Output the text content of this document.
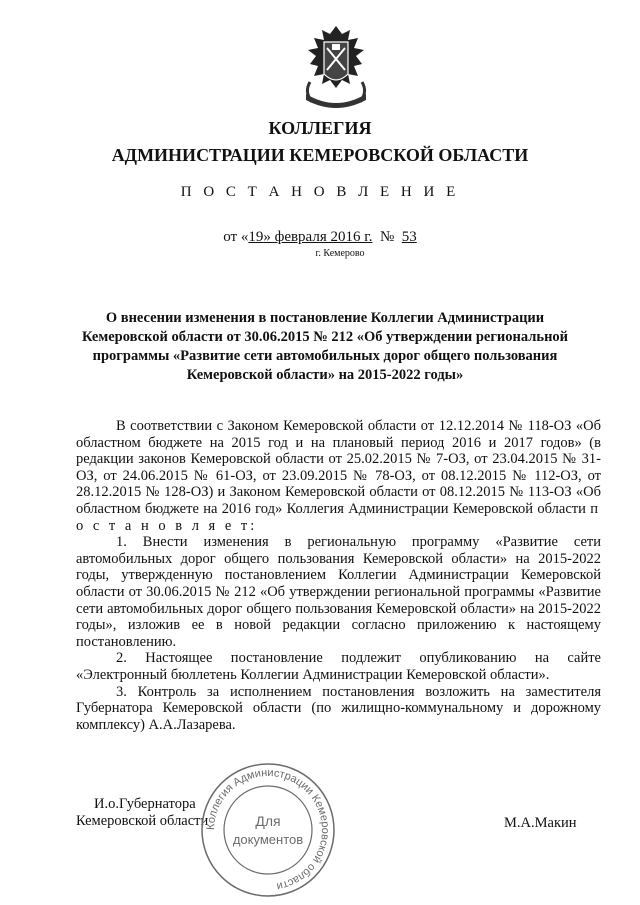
КОЛЛЕГИЯ
АДМИНИСТРАЦИИ КЕМЕРОВСКОЙ ОБЛАСТИ
П О С Т А Н О В Л Е Н И Е
от «19» февраля 2016 г. № 53
г. Кемерово
О внесении изменения в постановление Коллегии Администрации Кемеровской области от 30.06.2015 № 212 «Об утверждении региональной программы «Развитие сети автомобильных дорог общего пользования Кемеровской области» на 2015-2022 годы»

В соответствии с Законом Кемеровской области от 12.12.2014 № 118-ОЗ «Об областном бюджете на 2015 год и на плановый период 2016 и 2017 годов» (в редакции законов Кемеровской области от 25.02.2015 № 7-ОЗ, от 23.04.2015 № 31-ОЗ, от 24.06.2015 № 61-ОЗ, от 23.09.2015 № 78-ОЗ, от 08.12.2015 № 112-ОЗ, от 28.12.2015 № 128-ОЗ) и Законом Кемеровской области от 08.12.2015 № 113-ОЗ «Об областном бюджете на 2016 год» Коллегия Администрации Кемеровской области п о с т а н о в л я е т:

1. Внести изменения в региональную программу «Развитие сети автомобильных дорог общего пользования Кемеровской области» на 2015-2022 годы, утвержденную постановлением Коллегии Администрации Кемеровской области от 30.06.2015 № 212 «Об утверждении региональной программы «Развитие сети автомобильных дорог общего пользования Кемеровской области» на 2015-2022 годы», изложив ее в новой редакции согласно приложению к настоящему постановлению.

2. Настоящее постановление подлежит опубликованию на сайте «Электронный бюллетень Коллегии Администрации Кемеровской области».

3. Контроль за исполнением постановления возложить на заместителя Губернатора Кемеровской области (по жилищно-коммунальному и дорожному комплексу) А.А.Лазарева.

И.о.Губернатора
Кемеровской области	М.А.Макин
Коллегия Администрации Кемеровской области
Для
документов
